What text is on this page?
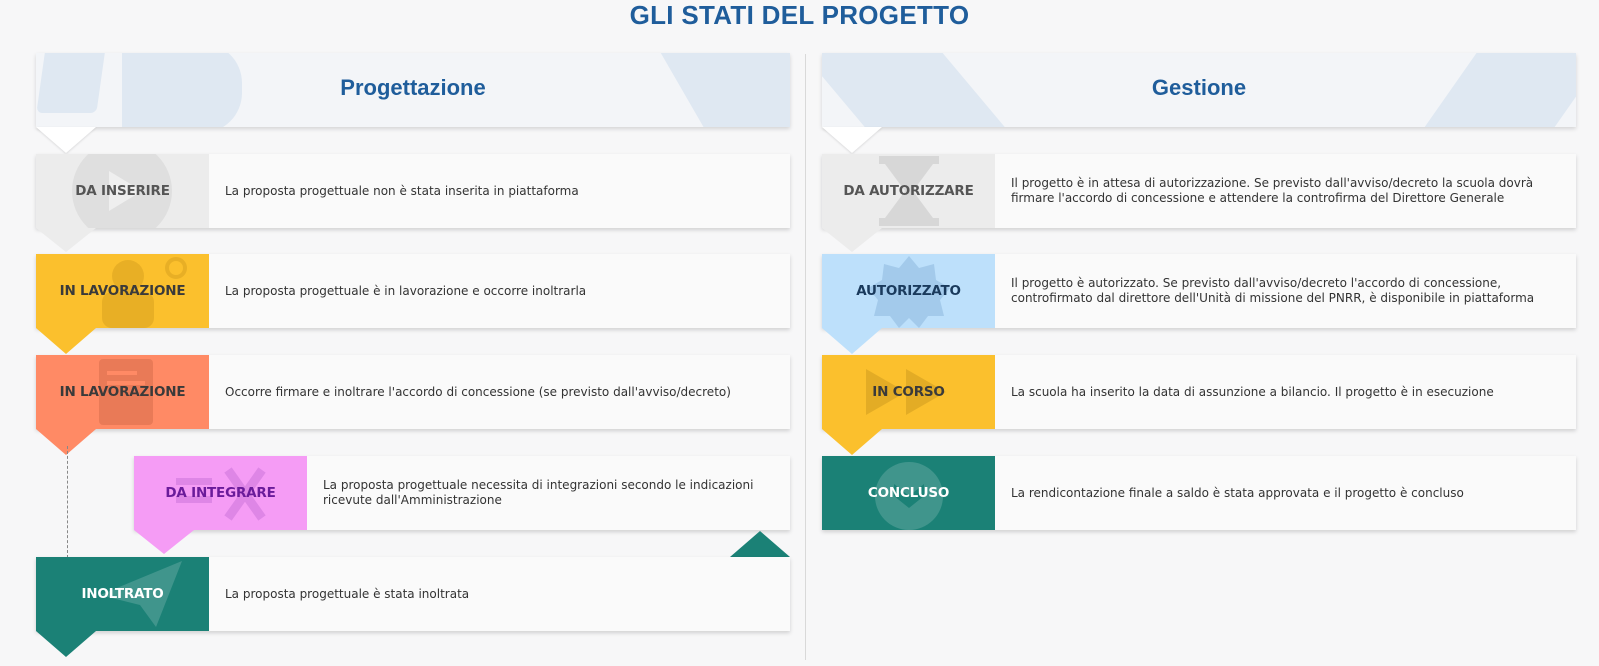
GLI STATI DEL PROGETTO
Progettazione	Gestione
DA INSERIRE	La proposta progettuale non è stata inserita in piattaforma
IN LAVORAZIONE	La proposta progettuale è in lavorazione e occorre inoltrarla
IN LAVORAZIONE	Occorre firmare e inoltrare l'accordo di concessione (se previsto dall'avviso/decreto)
DA INTEGRARE	La proposta progettuale necessita di integrazioni secondo le indicazioni ricevute dall'Amministrazione
INOLTRATO	La proposta progettuale è stata inoltrata
DA AUTORIZZARE	Il progetto è in attesa di autorizzazione. Se previsto dall'avviso/decreto la scuola dovrà firmare l'accordo di concessione e attendere la controfirma del Direttore Generale
AUTORIZZATO	Il progetto è autorizzato. Se previsto dall'avviso/decreto l'accordo di concessione, controfirmato dal direttore dell'Unità di missione del PNRR, è disponibile in piattaforma
IN CORSO	La scuola ha inserito la data di assunzione a bilancio. Il progetto è in esecuzione
CONCLUSO	La rendicontazione finale a saldo è stata approvata e il progetto è concluso
